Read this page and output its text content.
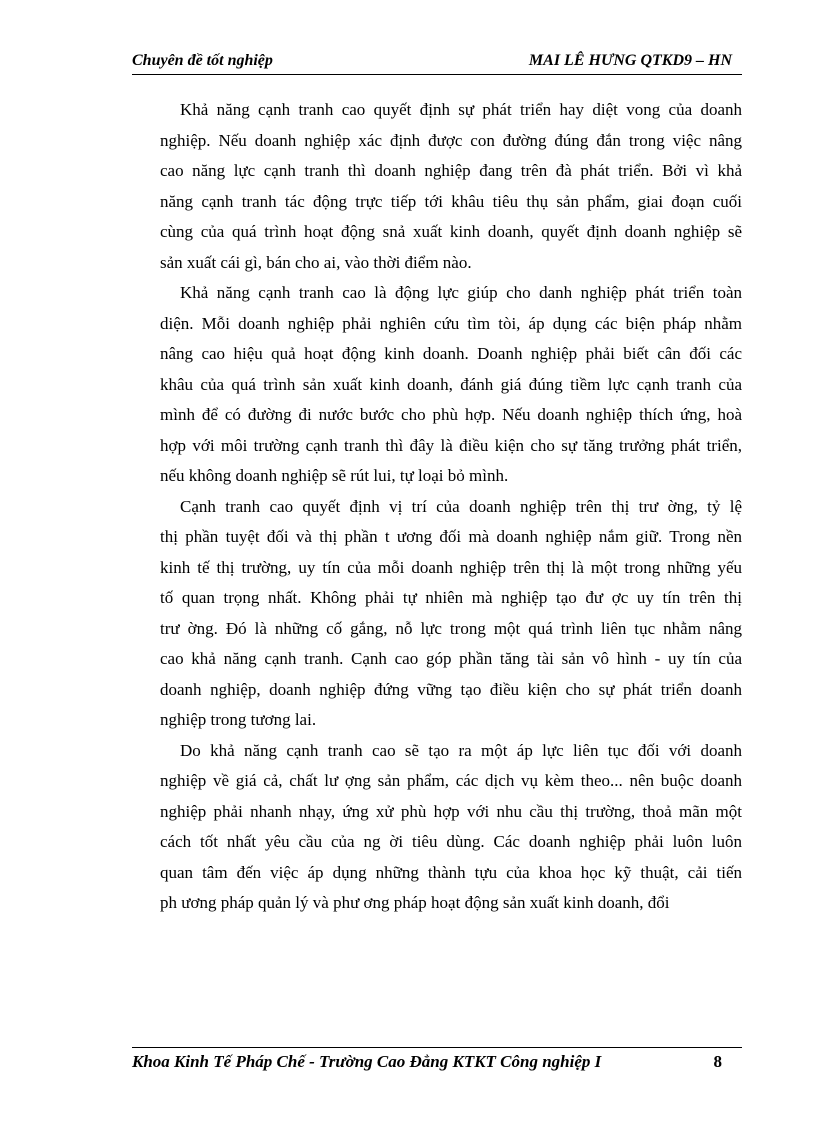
Chuyên đề tốt nghiệp	MAI LÊ HƯNG QTKD9 – HN
Khả năng cạnh tranh cao quyết định sự phát triển hay diệt vong của doanh
nghiệp. Nếu doanh nghiệp xác định được con đường đúng đắn trong việc nâng
cao năng lực cạnh tranh thì doanh nghiệp đang trên đà phát triển. Bởi vì khả
năng cạnh tranh tác động trực tiếp tới khâu tiêu thụ sản phẩm, giai đoạn cuối
cùng của quá trình hoạt động snả xuất kinh doanh, quyết định doanh nghiệp sẽ
sản xuất cái gì, bán cho ai, vào thời điểm nào.
Khả năng cạnh tranh cao là động lực giúp cho danh nghiệp phát triển toàn
diện. Mỗi doanh nghiệp phải nghiên cứu tìm tòi, áp dụng các biện pháp nhằm
nâng cao hiệu quả hoạt động kinh doanh. Doanh nghiệp phải biết cân đối các
khâu của quá trình sản xuất kinh doanh, đánh giá đúng tiềm lực cạnh tranh của
mình để có đường đi nước bước cho phù hợp. Nếu doanh nghiệp thích ứng, hoà
hợp với môi trường cạnh tranh thì đây là điều kiện cho sự tăng trưởng phát triển,
nếu không doanh nghiệp sẽ rút lui, tự loại bỏ mình.
Cạnh tranh cao quyết định vị trí của doanh nghiệp trên thị trư ờng, tỷ lệ
thị phần tuyệt đối và thị phần t ương đối mà doanh nghiệp nắm giữ. Trong nền
kinh tế thị trường, uy tín của mỗi doanh nghiệp trên thị là một trong những yếu
tố quan trọng nhất. Không phải tự nhiên mà nghiệp tạo đư ợc uy tín trên thị
trư ờng. Đó là những cố gắng, nỗ lực trong một quá trình liên tục nhằm nâng
cao khả năng cạnh tranh. Cạnh cao góp phần tăng tài sản vô hình - uy tín của
doanh nghiệp, doanh nghiệp đứng vững tạo điều kiện cho sự phát triển doanh
nghiệp trong tương lai.
Do khả năng cạnh tranh cao sẽ tạo ra một áp lực liên tục đối với doanh
nghiệp về giá cả, chất lư ợng sản phẩm, các dịch vụ kèm theo... nên buộc doanh
nghiệp phải nhanh nhạy, ứng xử phù hợp với nhu cầu thị trường, thoả mãn một
cách tốt nhất yêu cầu của ng ời tiêu dùng. Các doanh nghiệp phải luôn luôn
quan tâm đến việc áp dụng những thành tựu của khoa học kỹ thuật, cải tiến
ph ương pháp quản lý và phư ơng pháp hoạt động sản xuất kinh doanh, đổi
Khoa Kinh Tế Pháp Chế - Trường Cao Đẳng KTKT Công nghiệp I	8
